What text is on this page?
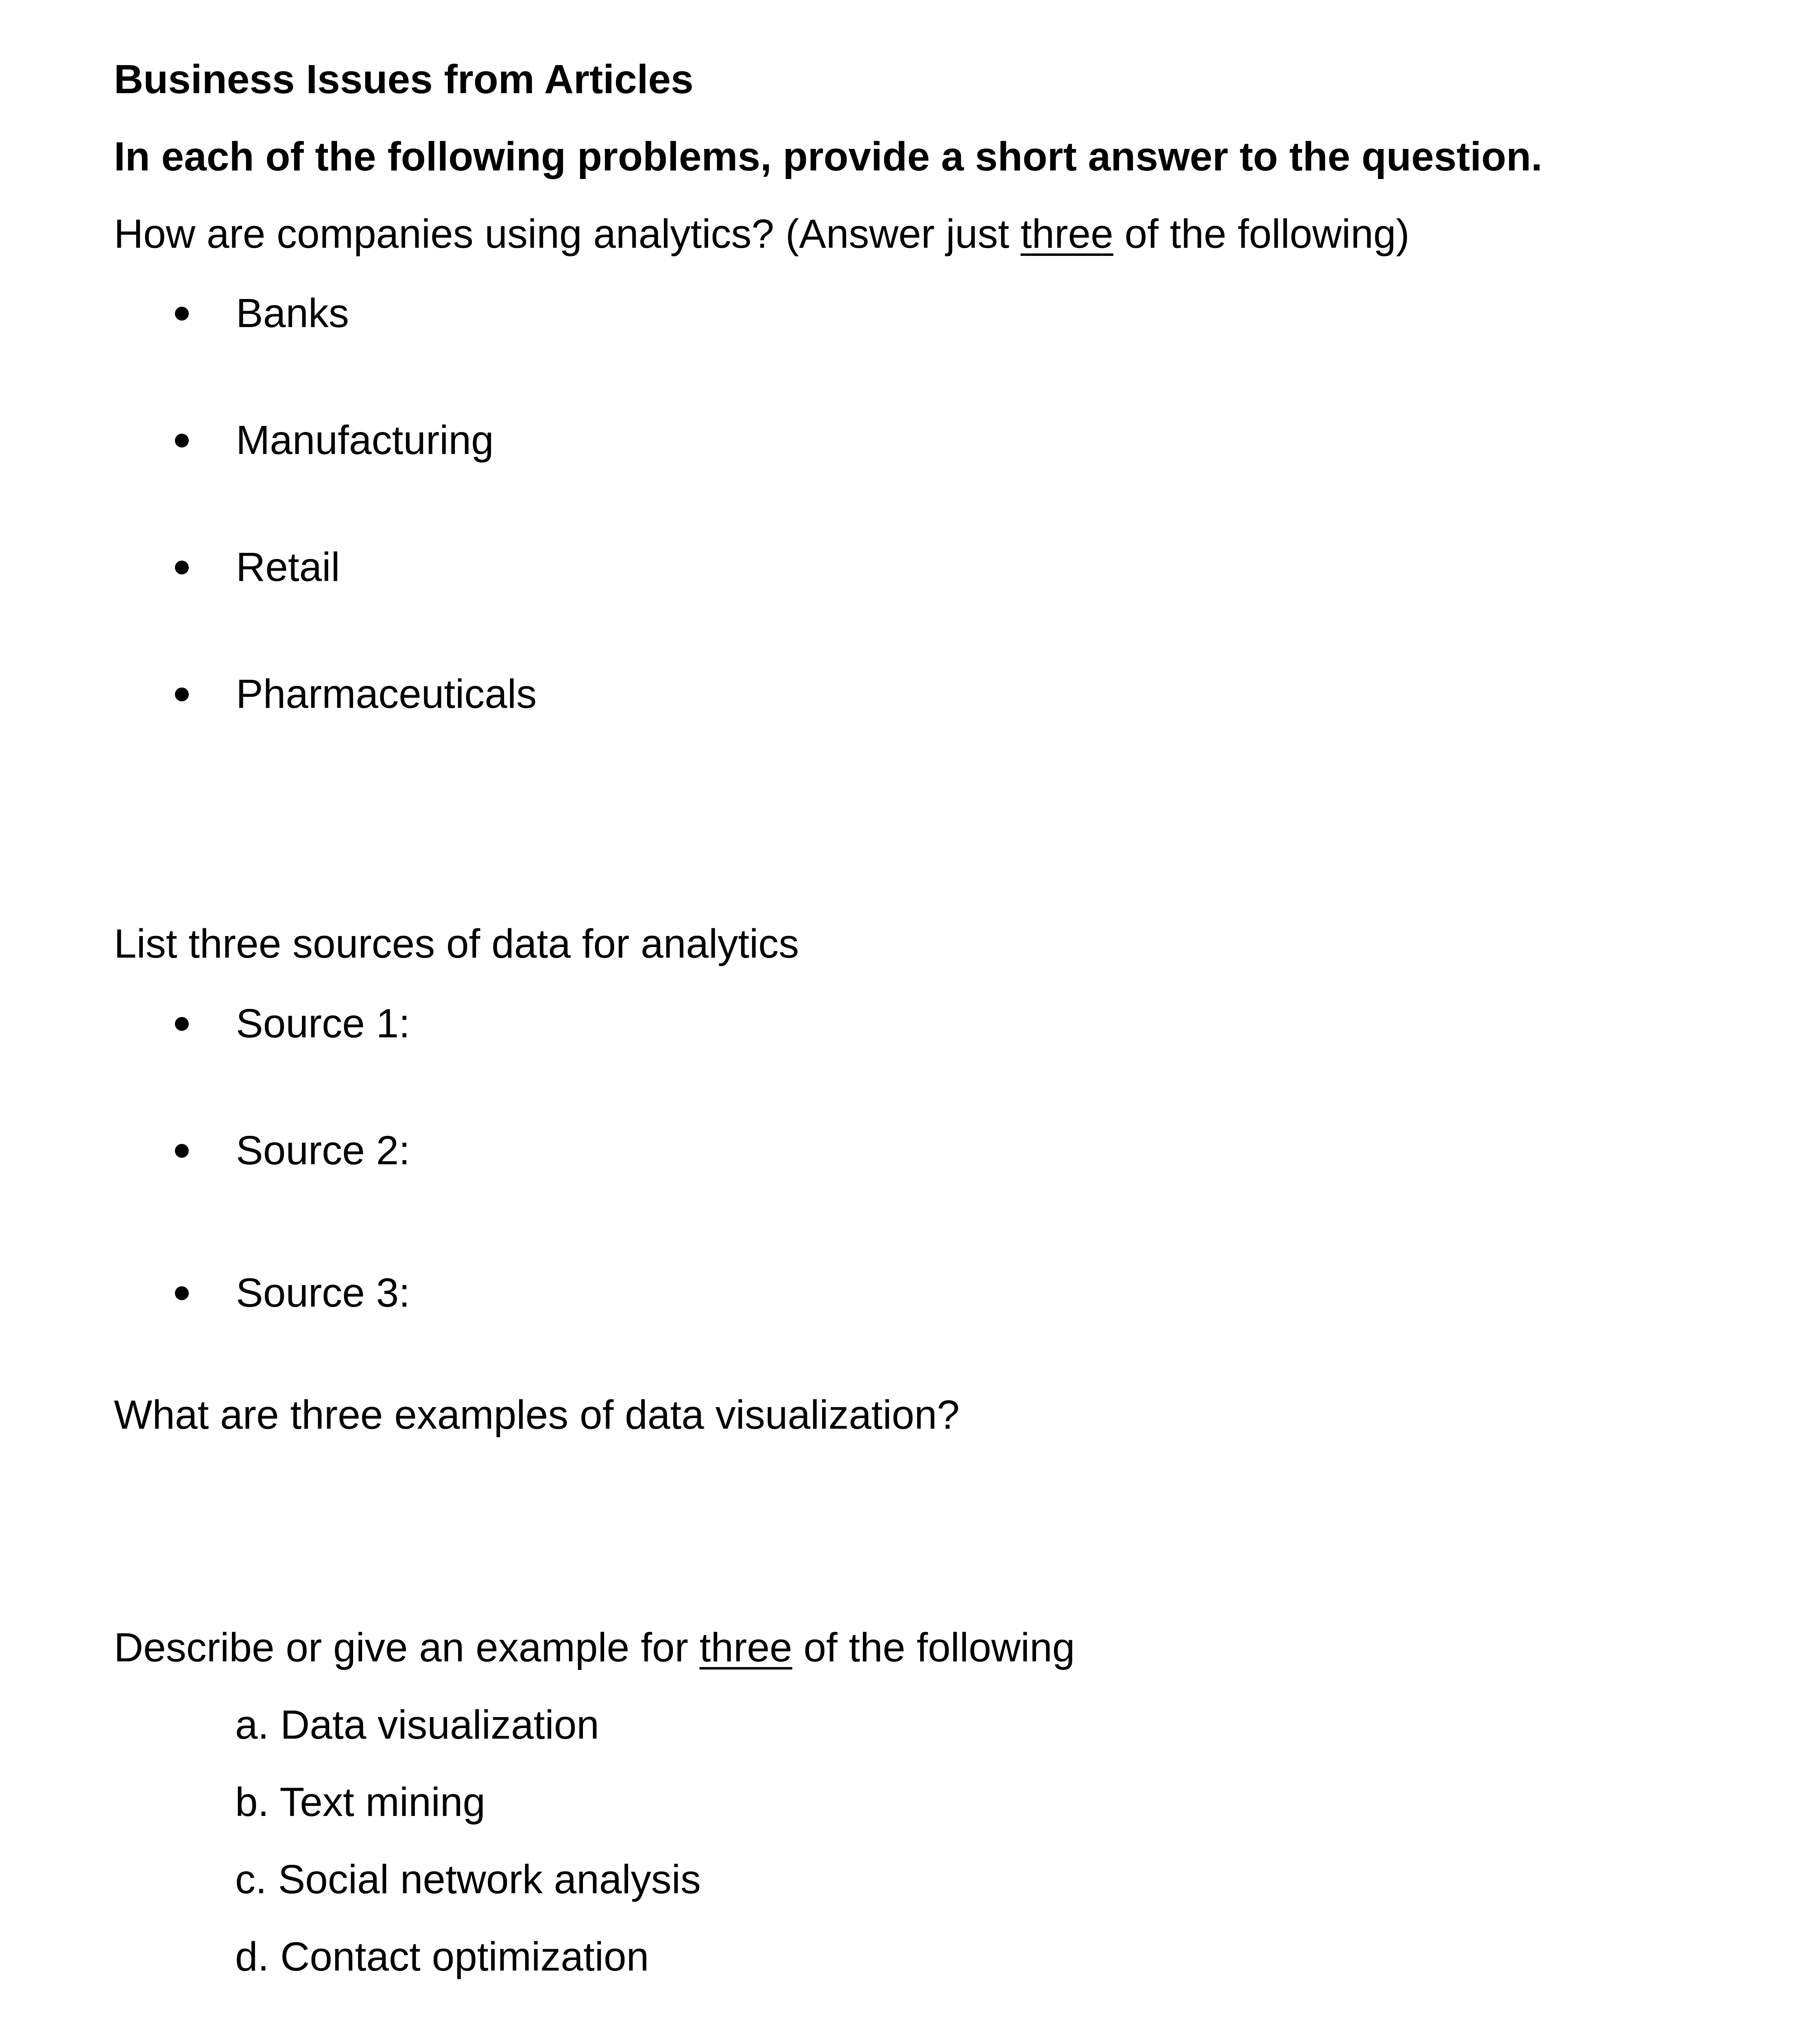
Business Issues from Articles
In each of the following problems, provide a short answer to the question.
How are companies using analytics? (Answer just three of the following)
Banks
Manufacturing
Retail
Pharmaceuticals
List three sources of data for analytics
Source 1:
Source 2:
Source 3:
What are three examples of data visualization?
Describe or give an example for three of the following
a. Data visualization
b. Text mining
c. Social network analysis
d. Contact optimization
